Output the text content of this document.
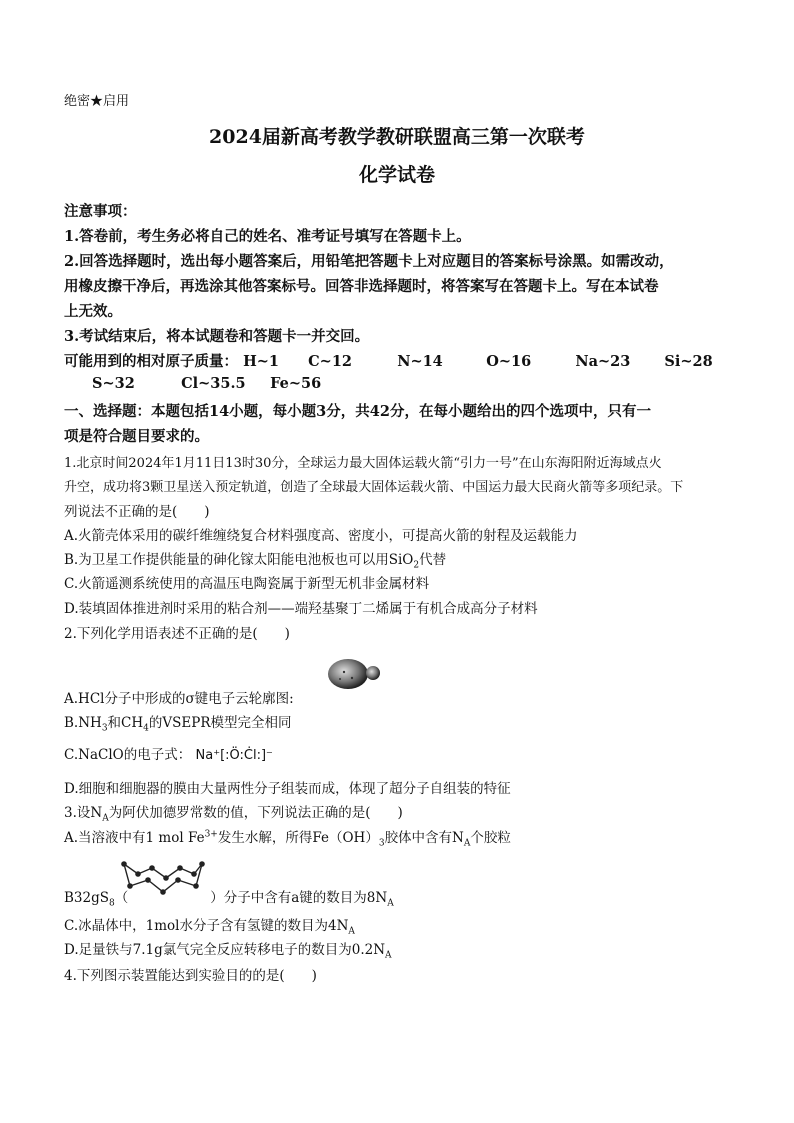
绝密★启用
2024届新高考教学教研联盟高三第一次联考
化学试卷
注意事项：
1.答卷前，考生务必将自己的姓名、准考证号填写在答题卡上。
2.回答选择题时，选出每小题答案后，用铅笔把答题卡上对应题目的答案标号涂黑。如需改动，
用橡皮擦干净后，再选涂其他答案标号。回答非选择题时，将答案写在答题卡上。写在本试卷
上无效。
3.考试结束后，将本试题卷和答题卡一并交回。
可能用到的相对原子质量： H~1 C~12	N~14	O~16	Na~23 Si~28
S~32	Cl~35.5 Fe~56
一、选择题：本题包括14小题，每小题3分，共42分，在每小题给出的四个选项中，只有一
项是符合题目要求的。
1.北京时间2024年1月11日13时30分，全球运力最大固体运载火箭“引力一号”在山东海阳附近海域点火
升空，成功将3颗卫星送入预定轨道，创造了全球最大固体运载火箭、中国运力最大民商火箭等多项纪录。下
列说法不正确的是(　　)
A.火箭壳体采用的碳纤维缠绕复合材料强度高、密度小，可提高火箭的射程及运载能力
B.为卫星工作提供能量的砷化镓太阳能电池板也可以用SiO$_2$代替
C.火箭遥测系统使用的高温压电陶瓷属于新型无机非金属材料
D.装填固体推进剂时采用的粘合剂——端羟基聚丁二烯属于有机合成高分子材料
2.下列化学用语表述不正确的是(　　)
A.HCl分子中形成的σ键电子云轮廓图:
$B.NH_3$和$CH_4$的VSEPR模型完全相同
C.NaClO的电子式： Na⁺[:Ö:Ċl:]⁻
D.细胞和细胞器的膜由大量两性分子组装而成，体现了超分子自组装的特征
3.设$N_A$为阿伏加德罗常数的值，下列说法正确的是(　　)
A.当溶液中有1 mol $Fe^{3+}$发生水解，所得$Fe(OH)_3$胶体中含有$N_A$个胶粒
$B32gS_8$（	）分子中含有a键的数目为$8N_A$
C.冰晶体中，1mol水分子含有氢键的数目为$4N_A$
D.足量铁与7.1g氯气完全反应转移电子的数目为$0.2N_A$
4.下列图示装置能达到实验目的的是(　　)
